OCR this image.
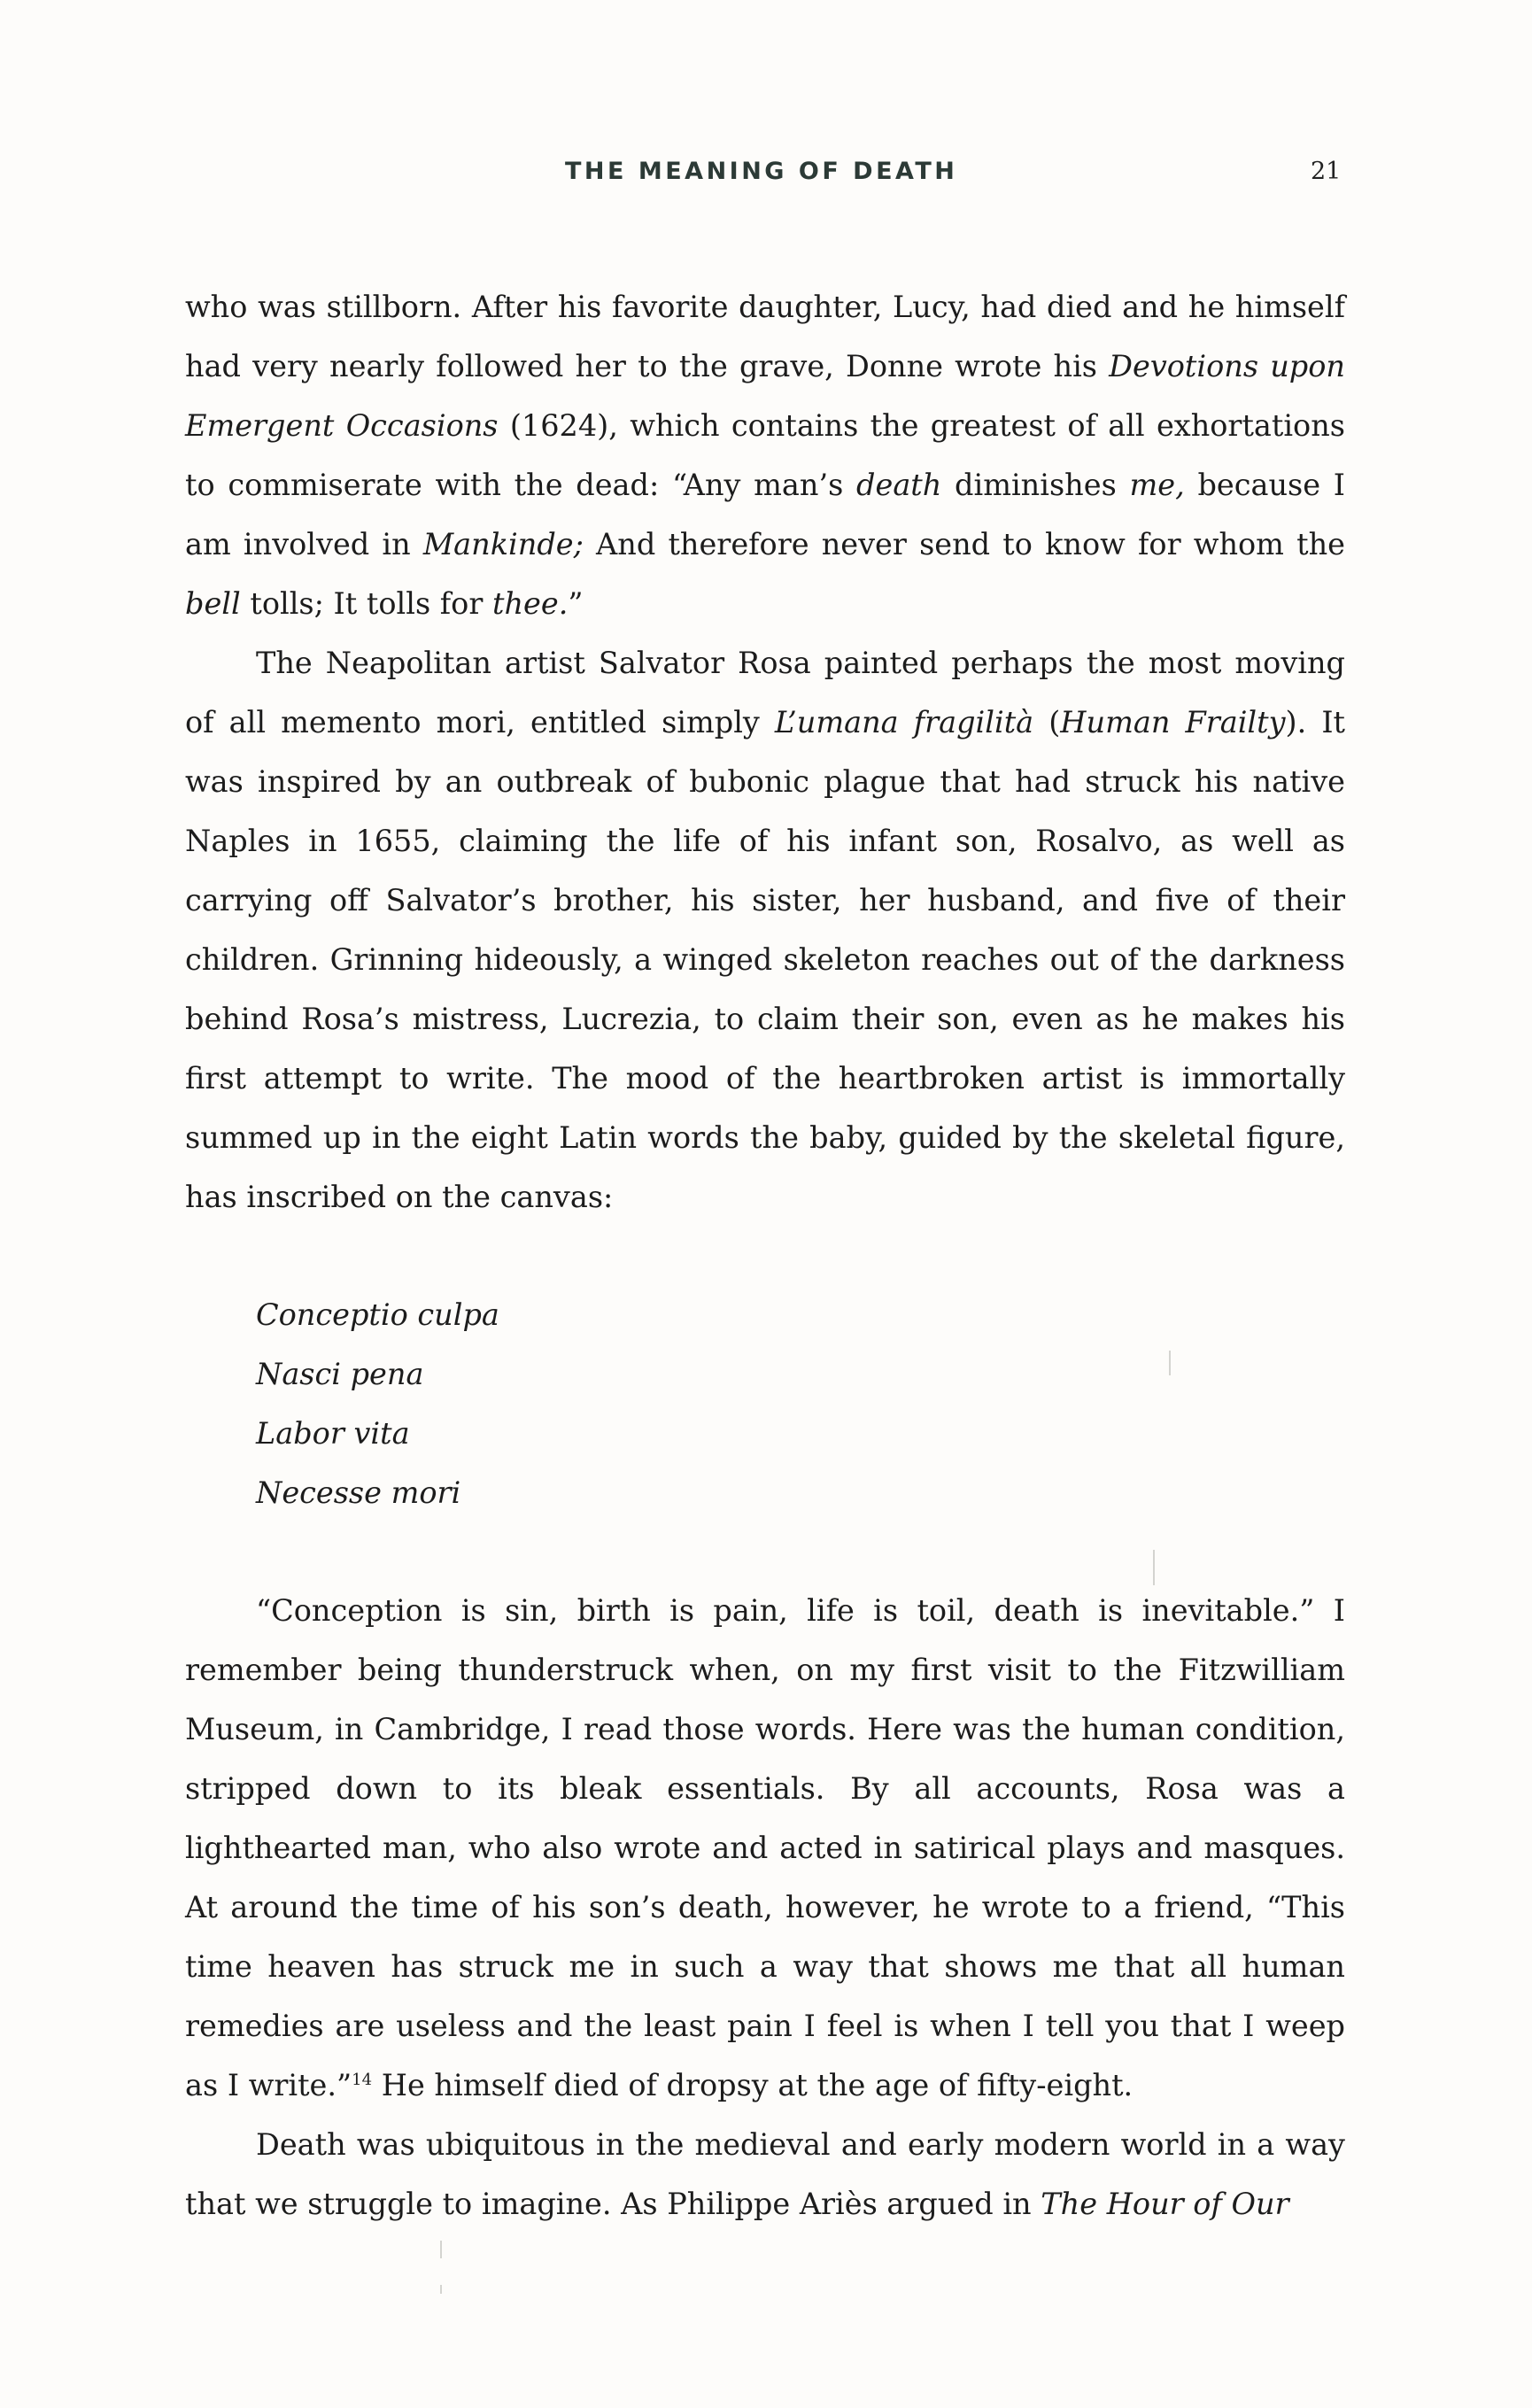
THE MEANING OF DEATH	21

who was stillborn. After his favorite daughter, Lucy, had died and he himself had very nearly followed her to the grave, Donne wrote his Devotions upon Emergent Occasions (1624), which contains the greatest of all exhortations to commiserate with the dead: “Any man’s death diminishes me, because I am involved in Mankinde; And therefore never send to know for whom the bell tolls; It tolls for thee.”

The Neapolitan artist Salvator Rosa painted perhaps the most moving of all memento mori, entitled simply L’umana fragilità (Human Frailty). It was inspired by an outbreak of bubonic plague that had struck his native Naples in 1655, claiming the life of his infant son, Rosalvo, as well as carrying off Salvator’s brother, his sister, her husband, and five of their children. Grinning hideously, a winged skeleton reaches out of the darkness behind Rosa’s mistress, Lucrezia, to claim their son, even as he makes his first attempt to write. The mood of the heartbroken artist is immortally summed up in the eight Latin words the baby, guided by the skeletal figure, has inscribed on the canvas:

Conceptio culpa
Nasci pena
Labor vita
Necesse mori

“Conception is sin, birth is pain, life is toil, death is inevitable.” I remember being thunderstruck when, on my first visit to the Fitzwilliam Museum, in Cambridge, I read those words. Here was the human condition, stripped down to its bleak essentials. By all accounts, Rosa was a lighthearted man, who also wrote and acted in satirical plays and masques. At around the time of his son’s death, however, he wrote to a friend, “This time heaven has struck me in such a way that shows me that all human remedies are useless and the least pain I feel is when I tell you that I weep as I write.”$^{14}$ He himself died of dropsy at the age of fifty-eight.

Death was ubiquitous in the medieval and early modern world in a way that we struggle to imagine. As Philippe Ariès argued in The Hour of Our
